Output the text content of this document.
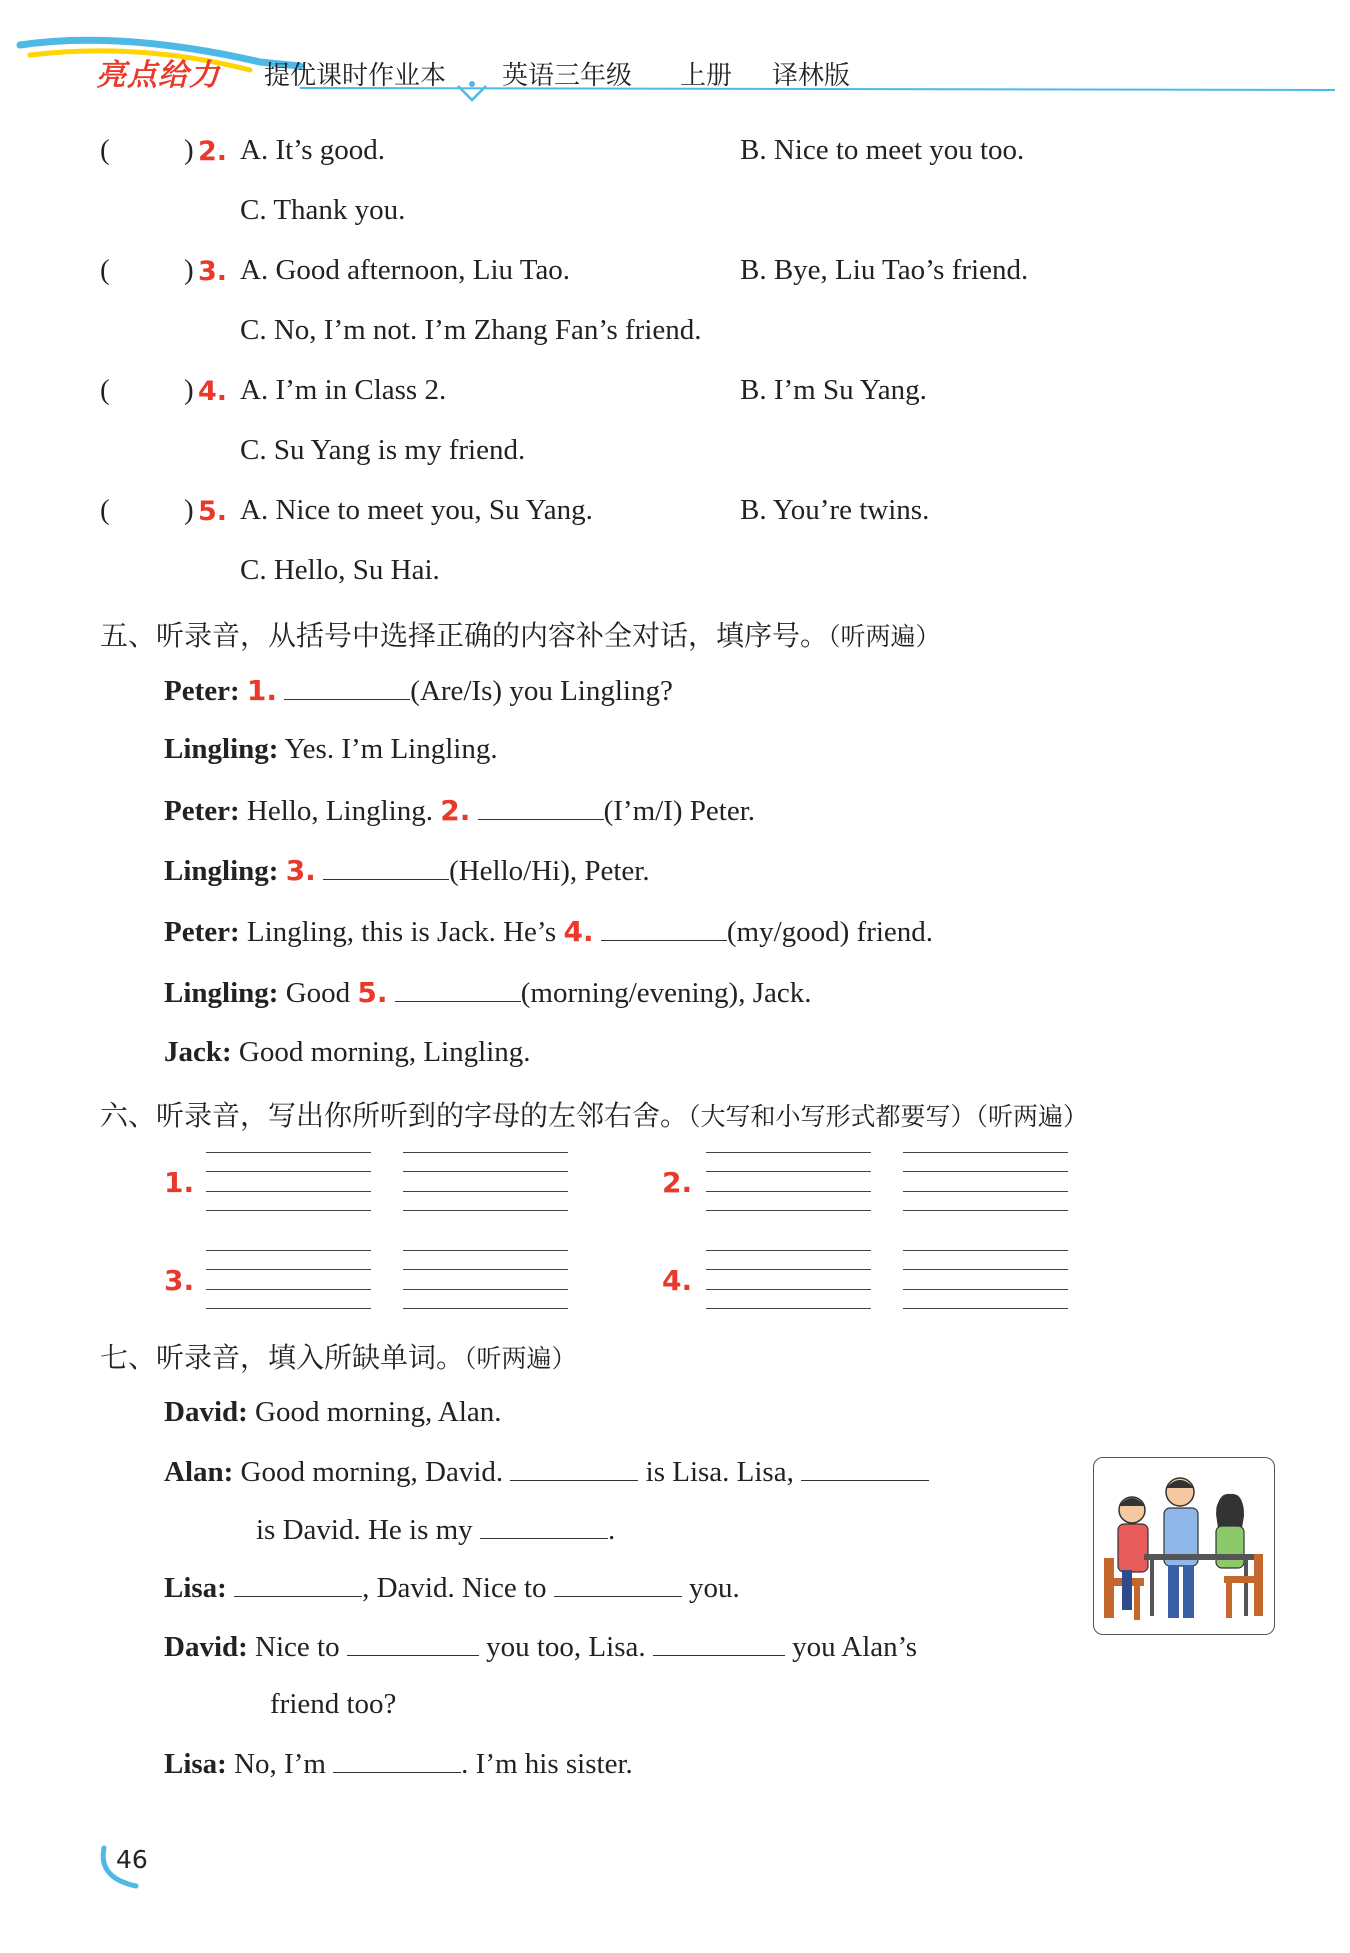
亮点给力 提优课时作业本 英语三年级 上册 译林版
(	) 2. A. It’s good.	B. Nice to meet you too.
C. Thank you.
(	) 3. A. Good afternoon, Liu Tao.	B. Bye, Liu Tao’s friend.
C. No, I’m not. I’m Zhang Fan’s friend.
(	) 4. A. I’m in Class 2.	B. I’m Su Yang.
C. Su Yang is my friend.
(	) 5. A. Nice to meet you, Su Yang.	B. You’re twins.
C. Hello, Su Hai.
五、听录音，从括号中选择正确的内容补全对话，填序号。（听两遍）
Peter: 1.	(Are/Is) you Lingling?
Lingling: Yes. I’m Lingling.
Peter: Hello, Lingling. 2.	(I’m/I) Peter.
Lingling: 3.	(Hello/Hi), Peter.
Peter: Lingling, this is Jack. He’s 4.	(my/good) friend.
Lingling: Good 5.	(morning/evening), Jack.
Jack: Good morning, Lingling.
六、听录音，写出你所听到的字母的左邻右舍。（大写和小写形式都要写）（听两遍）
1.	2.
3.	4.
七、听录音，填入所缺单词。（听两遍）
David: Good morning, Alan.
Alan: Good morning, David.	is Lisa. Lisa,
is David. He is my	.
Lisa:	, David. Nice to	you.
David: Nice to	you too, Lisa.	you Alan’s
friend too?
Lisa: No, I’m	. I’m his sister.
46
